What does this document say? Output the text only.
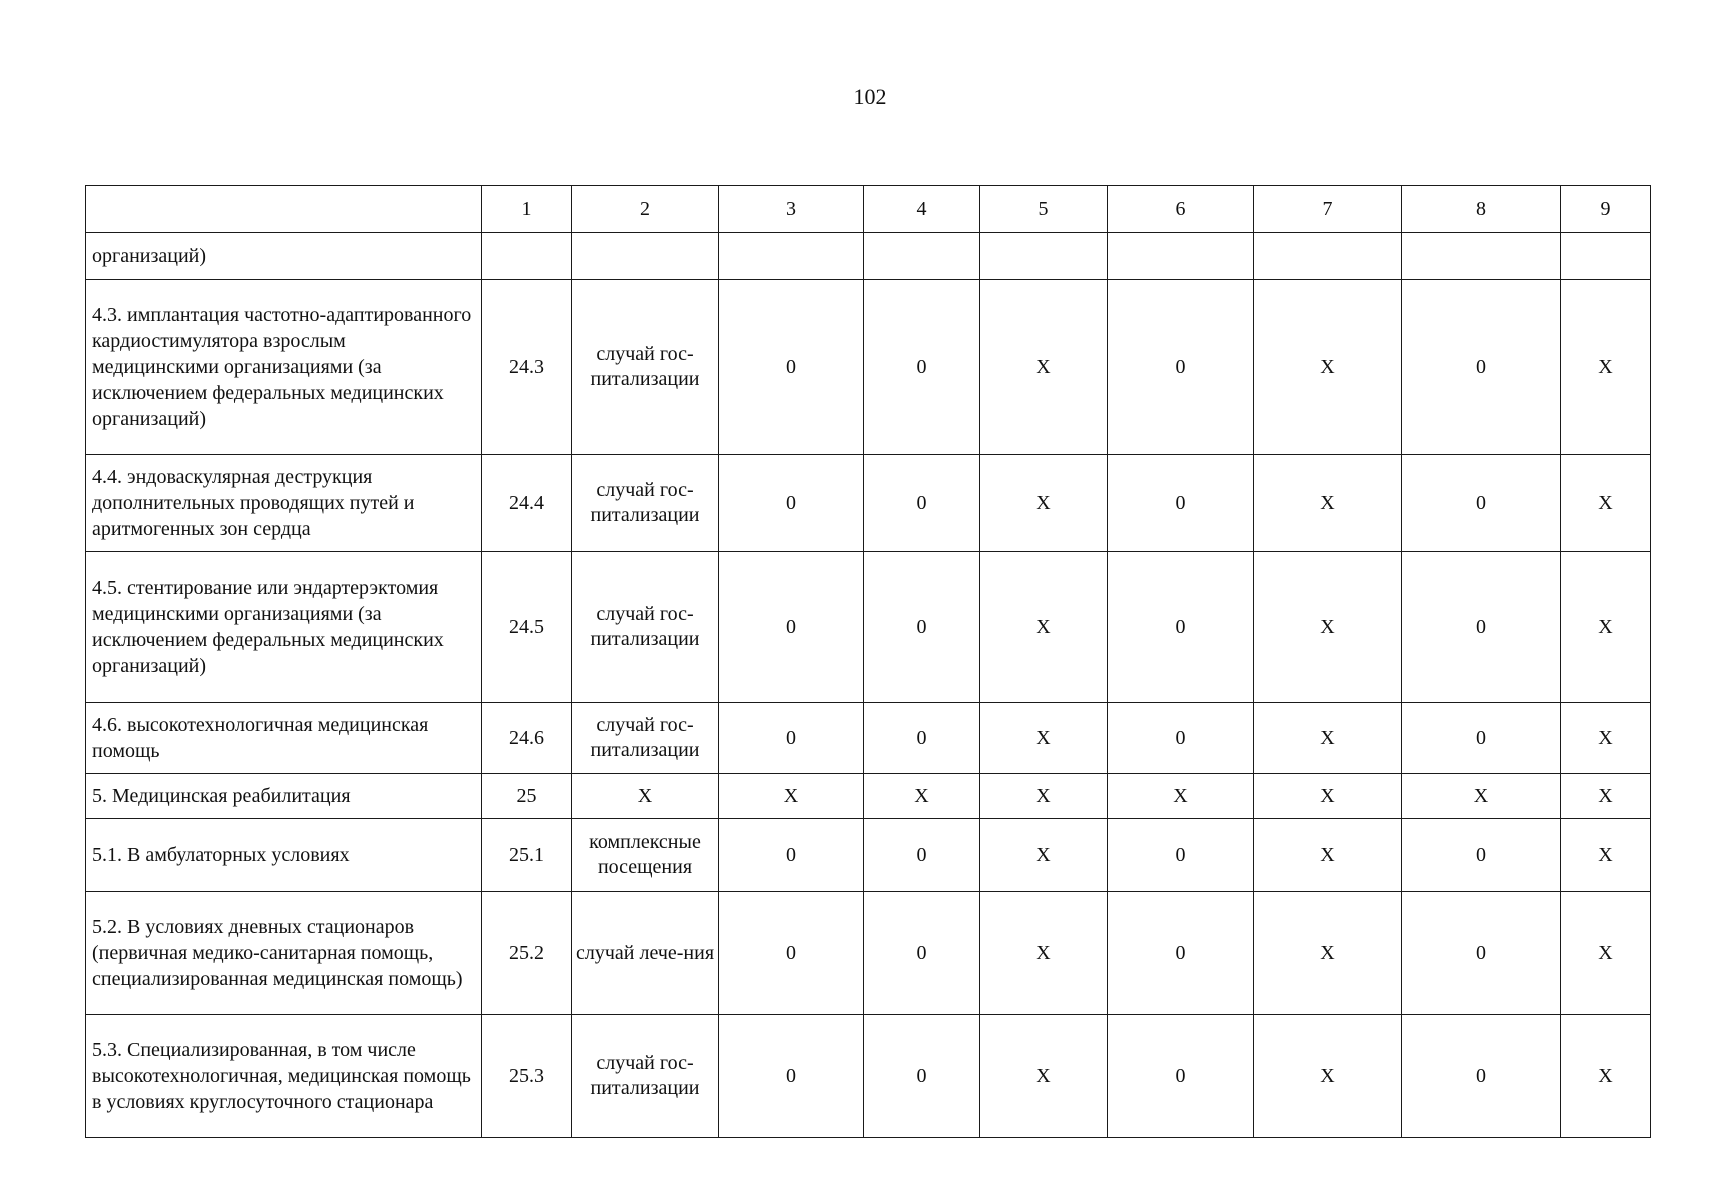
102
	1	2	3	4	5	6	7	8	9
организаций)									
4.3. имплантация частотно-адаптированного кардиостимулятора взрослым медицинскими организациями (за исключением федеральных медицинских организаций)	24.3	случай гос-питализации	0	0	X	0	X	0	X
4.4. эндоваскулярная деструкция дополнительных проводящих путей и аритмогенных зон сердца	24.4	случай гос-питализации	0	0	X	0	X	0	X
4.5. стентирование или эндартерэктомия медицинскими организациями (за исключением федеральных медицинских организаций)	24.5	случай гос-питализации	0	0	X	0	X	0	X
4.6. высокотехнологичная медицинская помощь	24.6	случай гос-питализации	0	0	X	0	X	0	X
5. Медицинская реабилитация	25	X	X	X	X	X	X	X	X
5.1. В амбулаторных условиях	25.1	комплексные посещения	0	0	X	0	X	0	X
5.2. В условиях дневных стационаров (первичная медико-санитарная помощь, специализированная медицинская помощь)	25.2	случай лече-ния	0	0	X	0	X	0	X
5.3. Специализированная, в том числе высокотехнологичная, медицинская помощь в условиях круглосуточного стационара	25.3	случай гос-питализации	0	0	X	0	X	0	X
